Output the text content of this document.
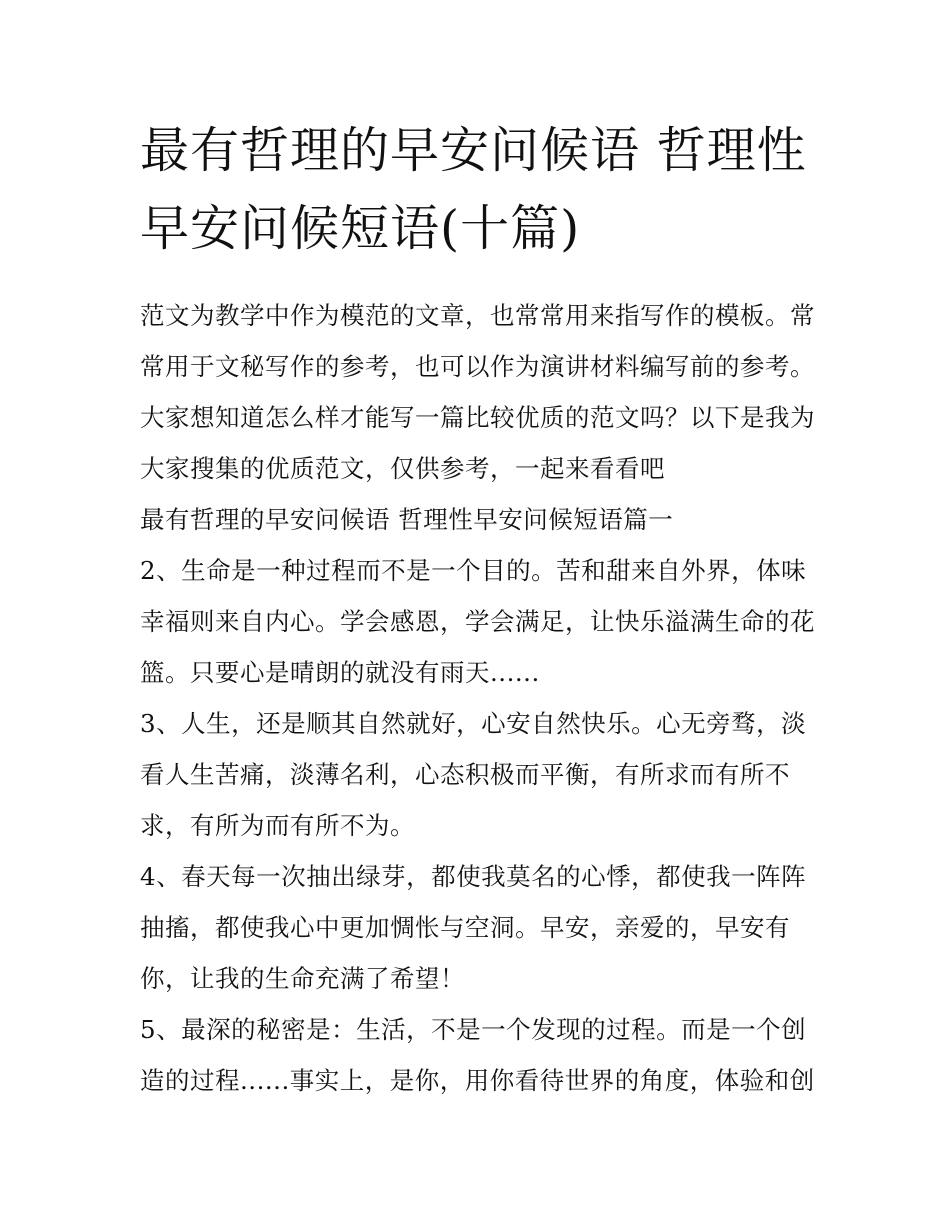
最有哲理的早安问候语 哲理性
早安问候短语(十篇)
范文为教学中作为模范的文章，也常常用来指写作的模板。常
常用于文秘写作的参考，也可以作为演讲材料编写前的参考。
大家想知道怎么样才能写一篇比较优质的范文吗？以下是我为
大家搜集的优质范文，仅供参考，一起来看看吧
最有哲理的早安问候语 哲理性早安问候短语篇一
2、生命是一种过程而不是一个目的。苦和甜来自外界，体味
幸福则来自内心。学会感恩，学会满足，让快乐溢满生命的花
篮。只要心是晴朗的就没有雨天......
3、人生，还是顺其自然就好，心安自然快乐。心无旁骛，淡
看人生苦痛，淡薄名利，心态积极而平衡，有所求而有所不
求，有所为而有所不为。
4、春天每一次抽出绿芽，都使我莫名的心悸，都使我一阵阵
抽搐，都使我心中更加惆怅与空洞。早安，亲爱的，早安有
你，让我的生命充满了希望！
5、最深的秘密是：生活，不是一个发现的过程。而是一个创
造的过程......事实上，是你，用你看待世界的角度，体验和创
